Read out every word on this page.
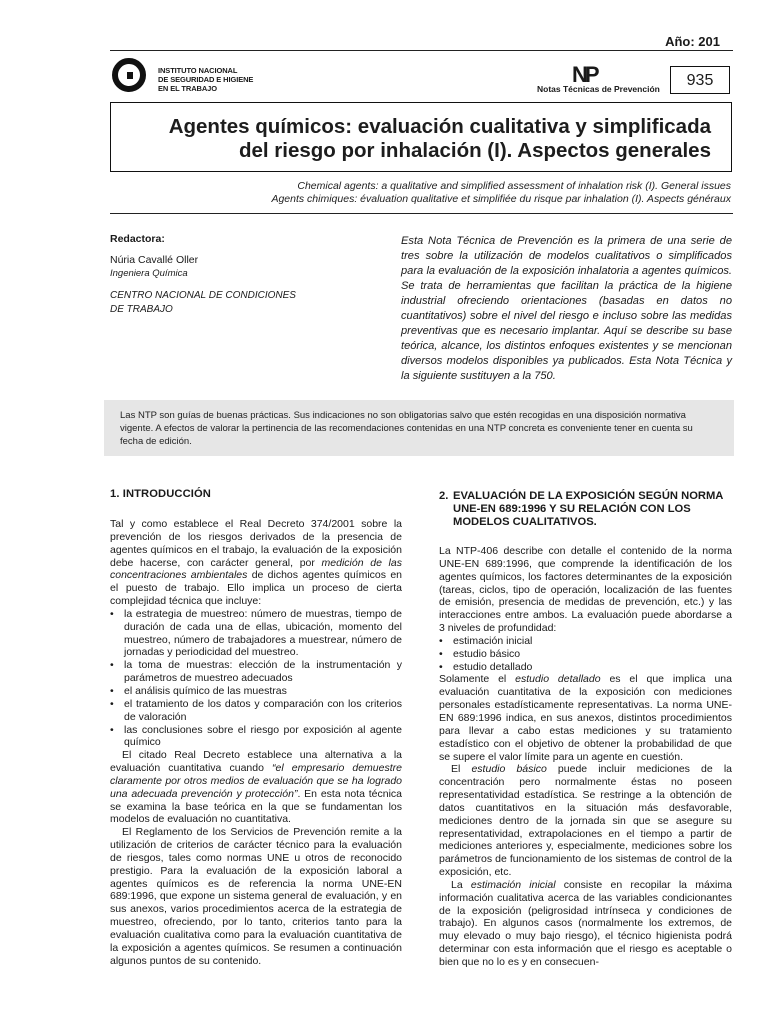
Año: 201
INSTITUTO NACIONAL
DE SEGURIDAD E HIGIENE
EN EL TRABAJO
NP
Notas Técnicas de Prevención	935
Agentes químicos: evaluación cualitativa y simplificada
del riesgo por inhalación (I). Aspectos generales
Chemical agents: a qualitative and simplified assessment of inhalation risk (I). General issues
Agents chimiques: évaluation qualitative et simplifiée du risque par inhalation (I). Aspects généraux
Redactora:
Núria Cavallé Oller
Ingeniera Química
CENTRO NACIONAL DE CONDICIONES
DE TRABAJO
Esta Nota Técnica de Prevención es la primera de una serie de tres sobre la utilización de modelos cualitativos o simplificados para la evaluación de la exposición inhalatoria a agentes químicos. Se trata de herramientas que facilitan la práctica de la higiene industrial ofreciendo orientaciones (basadas en datos no cuantitativos) sobre el nivel del riesgo e incluso sobre las medidas preventivas que es necesario implantar. Aquí se describe su base teórica, alcance, los distintos enfoques existentes y se mencionan diversos modelos disponibles ya publicados. Esta Nota Técnica y la siguiente sustituyen a la 750.
Las NTP son guías de buenas prácticas. Sus indicaciones no son obligatorias salvo que estén recogidas en una disposición normativa vigente. A efectos de valorar la pertinencia de las recomendaciones contenidas en una NTP concreta es conveniente tener en cuenta su fecha de edición.
1. INTRODUCCIÓN
Tal y como establece el Real Decreto 374/2001 sobre la prevención de los riesgos derivados de la presencia de agentes químicos en el trabajo, la evaluación de la exposición debe hacerse, con carácter general, por medición de las concentraciones ambientales de dichos agentes químicos en el puesto de trabajo. Ello implica un proceso de cierta complejidad técnica que incluye:
• la estrategia de muestreo: número de muestras, tiempo de duración de cada una de ellas, ubicación, momento del muestreo, número de trabajadores a muestrear, número de jornadas y periodicidad del muestreo.
• la toma de muestras: elección de la instrumentación y parámetros de muestreo adecuados
• el análisis químico de las muestras
• el tratamiento de los datos y comparación con los criterios de valoración
• las conclusiones sobre el riesgo por exposición al agente químico
El citado Real Decreto establece una alternativa a la evaluación cuantitativa cuando “el empresario demuestre claramente por otros medios de evaluación que se ha logrado una adecuada prevención y protección”. En esta nota técnica se examina la base teórica en la que se fundamentan los modelos de evaluación no cuantitativa.
El Reglamento de los Servicios de Prevención remite a la utilización de criterios de carácter técnico para la evaluación de riesgos, tales como normas UNE u otros de reconocido prestigio. Para la evaluación de la exposición laboral a agentes químicos es de referencia la norma UNE-EN 689:1996, que expone un sistema general de evaluación, y en sus anexos, varios procedimientos acerca de la estrategia de muestreo, ofreciendo, por lo tanto, criterios tanto para la evaluación cualitativa como para la evaluación cuantitativa de la exposición a agentes químicos. Se resumen a continuación algunos puntos de su contenido.
2. EVALUACIÓN DE LA EXPOSICIÓN SEGÚN NORMA UNE-EN 689:1996 Y SU RELACIÓN CON LOS MODELOS CUALITATIVOS.
La NTP-406 describe con detalle el contenido de la norma UNE-EN 689:1996, que comprende la identificación de los agentes químicos, los factores determinantes de la exposición (tareas, ciclos, tipo de operación, localización de las fuentes de emisión, presencia de medidas de prevención, etc.) y las interacciones entre ambos. La evaluación puede abordarse a 3 niveles de profundidad:
• estimación inicial
• estudio básico
• estudio detallado
Solamente el estudio detallado es el que implica una evaluación cuantitativa de la exposición con mediciones personales estadísticamente representativas. La norma UNE-EN 689:1996 indica, en sus anexos, distintos procedimientos para llevar a cabo estas mediciones y su tratamiento estadístico con el objetivo de obtener la probabilidad de que se supere el valor límite para un agente en cuestión.
El estudio básico puede incluir mediciones de la concentración pero normalmente éstas no poseen representatividad estadística. Se restringe a la obtención de datos cuantitativos en la situación más desfavorable, mediciones dentro de la jornada sin que se asegure su representatividad, extrapolaciones en el tiempo a partir de mediciones anteriores y, especialmente, mediciones sobre los parámetros de funcionamiento de los sistemas de control de la exposición, etc.
La estimación inicial consiste en recopilar la máxima información cualitativa acerca de las variables condicionantes de la exposición (peligrosidad intrínseca y condiciones de trabajo). En algunos casos (normalmente los extremos, de muy elevado o muy bajo riesgo), el técnico higienista podrá determinar con esta información que el riesgo es aceptable o bien que no lo es y en consecuen-
